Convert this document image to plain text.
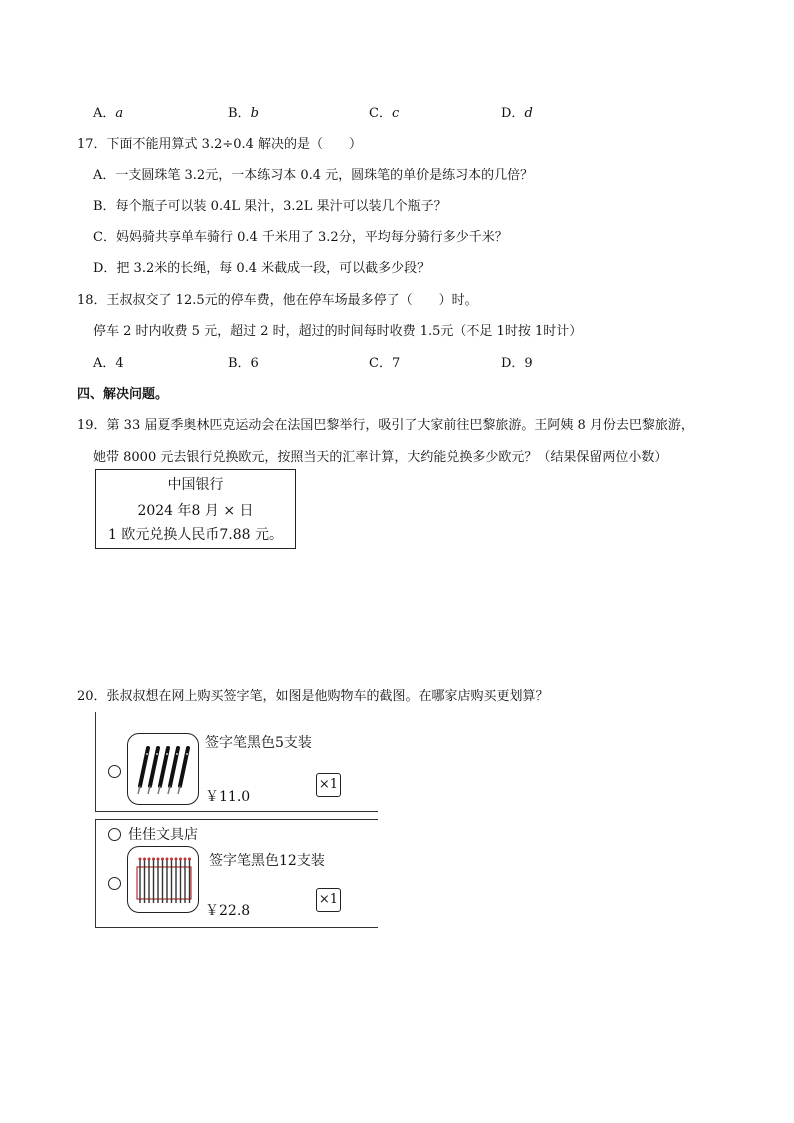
A．a	B．b	C．c	D．d
17．下面不能用算式 3.2÷0.4 解决的是（　　）
A．一支圆珠笔 3.2元，一本练习本 0.4 元，圆珠笔的单价是练习本的几倍？
B．每个瓶子可以装 0.4L 果汁，3.2L 果汁可以装几个瓶子？
C．妈妈骑共享单车骑行 0.4 千米用了 3.2分，平均每分骑行多少千米？
D．把 3.2米的长绳，每 0.4 米截成一段，可以截多少段？
18．王叔叔交了 12.5元的停车费，他在停车场最多停了（　　）时。
停车 2 时内收费 5 元，超过 2 时，超过的时间每时收费 1.5元（不足 1时按 1时计）
A．4	B．6	C．7	D．9
四、解决问题。
19．第 33 届夏季奥林匹克运动会在法国巴黎举行，吸引了大家前往巴黎旅游。王阿姨 8 月份去巴黎旅游，
她带 8000 元去银行兑换欧元，按照当天的汇率计算，大约能兑换多少欧元？（结果保留两位小数）
中国银行
2024 年8 月 × 日
1 欧元兑换人民币7.88 元。
20．张叔叔想在网上购买签字笔，如图是他购物车的截图。在哪家店购买更划算？
签字笔黑色5支装
￥11.0
×1
佳佳文具店
签字笔黑色12支装
￥22.8
×1
